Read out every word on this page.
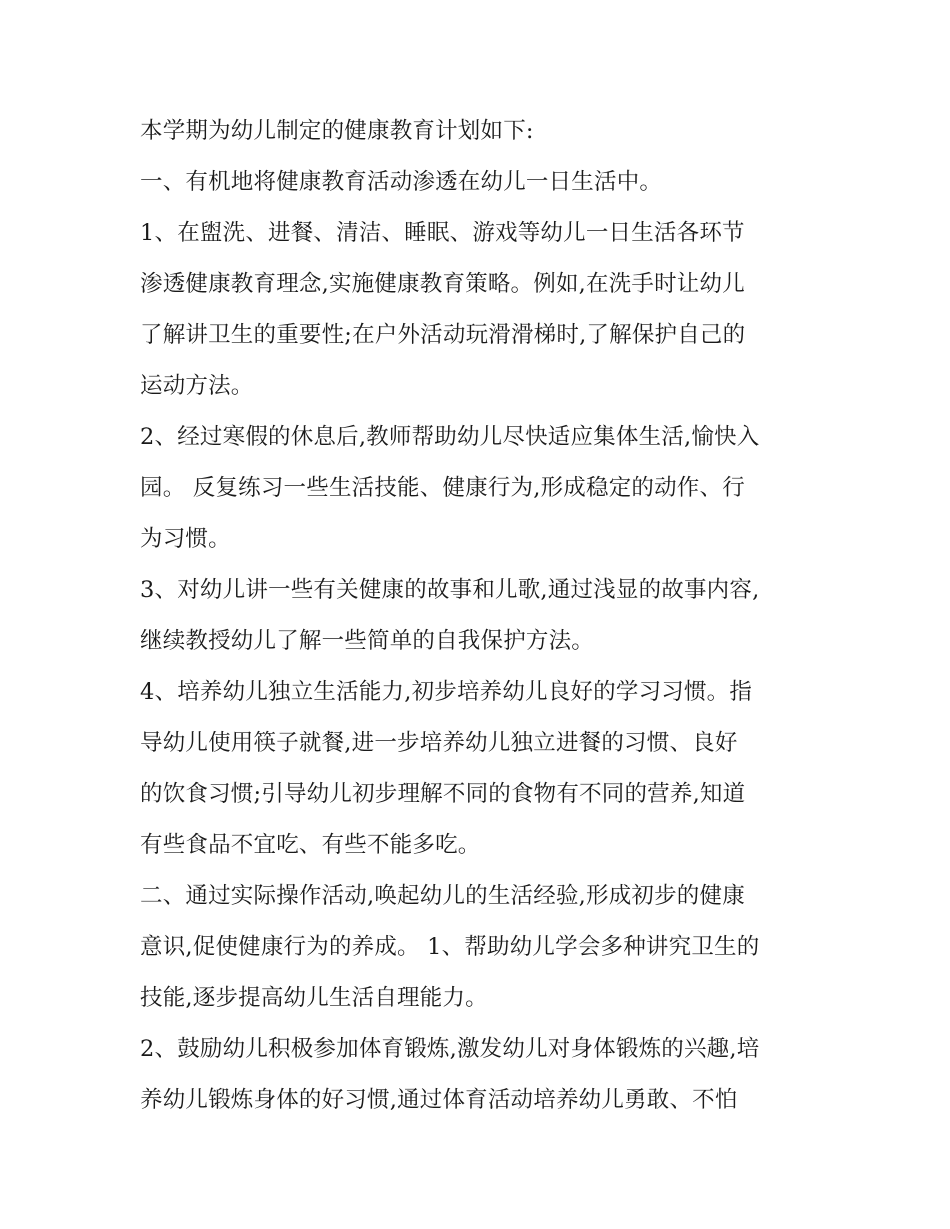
本学期为幼儿制定的健康教育计划如下:
一、有机地将健康教育活动渗透在幼儿一日生活中。
1、在盥洗、进餐、清洁、睡眠、游戏等幼儿一日生活各环节
渗透健康教育理念,实施健康教育策略。例如,在洗手时让幼儿
了解讲卫生的重要性;在户外活动玩滑滑梯时,了解保护自己的
运动方法。
2、经过寒假的休息后,教师帮助幼儿尽快适应集体生活,愉快入
园。 反复练习一些生活技能、健康行为,形成稳定的动作、行
为习惯。
3、对幼儿讲一些有关健康的故事和儿歌,通过浅显的故事内容,
继续教授幼儿了解一些简单的自我保护方法。
4、培养幼儿独立生活能力,初步培养幼儿良好的学习习惯。指
导幼儿使用筷子就餐,进一步培养幼儿独立进餐的习惯、良好
的饮食习惯;引导幼儿初步理解不同的食物有不同的营养,知道
有些食品不宜吃、有些不能多吃。
二、通过实际操作活动,唤起幼儿的生活经验,形成初步的健康
意识,促使健康行为的养成。 1、帮助幼儿学会多种讲究卫生的
技能,逐步提高幼儿生活自理能力。
2、鼓励幼儿积极参加体育锻炼,激发幼儿对身体锻炼的兴趣,培
养幼儿锻炼身体的好习惯,通过体育活动培养幼儿勇敢、不怕
